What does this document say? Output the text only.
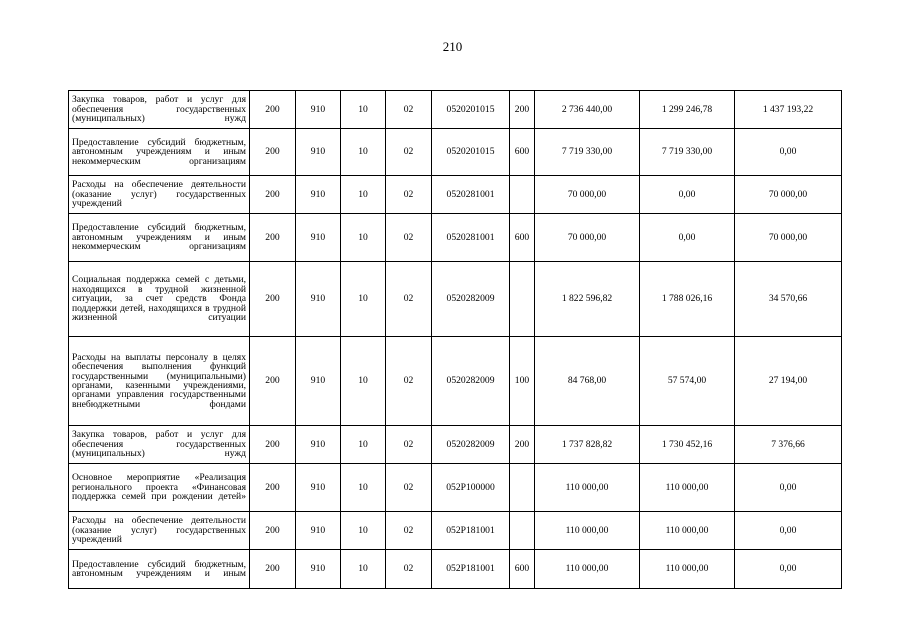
210
Закупка товаров, работ и услуг для обеспечения государственных (муниципальных) нужд	200	910	10	02	0520201015	200	2 736 440,00	1 299 246,78	1 437 193,22
Предоставление субсидий бюджетным, автономным учреждениям и иным некоммерческим организациям	200	910	10	02	0520201015	600	7 719 330,00	7 719 330,00	0,00
Расходы на обеспечение деятельности (оказание услуг) государственных учреждений	200	910	10	02	0520281001		70 000,00	0,00	70 000,00
Предоставление субсидий бюджетным, автономным учреждениям и иным некоммерческим организациям	200	910	10	02	0520281001	600	70 000,00	0,00	70 000,00
Социальная поддержка семей с детьми, находящихся в трудной жизненной ситуации, за счет средств Фонда поддержки детей, находящихся в трудной жизненной ситуации	200	910	10	02	0520282009		1 822 596,82	1 788 026,16	34 570,66
Расходы на выплаты персоналу в целях обеспечения выполнения функций государственными (муниципальными) органами, казенными учреждениями, органами управления государственными внебюджетными фондами	200	910	10	02	0520282009	100	84 768,00	57 574,00	27 194,00
Закупка товаров, работ и услуг для обеспечения государственных (муниципальных) нужд	200	910	10	02	0520282009	200	1 737 828,82	1 730 452,16	7 376,66
Основное мероприятие «Реализация регионального проекта «Финансовая поддержка семей при рождении детей»	200	910	10	02	052P100000		110 000,00	110 000,00	0,00
Расходы на обеспечение деятельности (оказание услуг) государственных учреждений	200	910	10	02	052P181001		110 000,00	110 000,00	0,00
Предоставление субсидий бюджетным, автономным учреждениям и иным	200	910	10	02	052P181001	600	110 000,00	110 000,00	0,00
